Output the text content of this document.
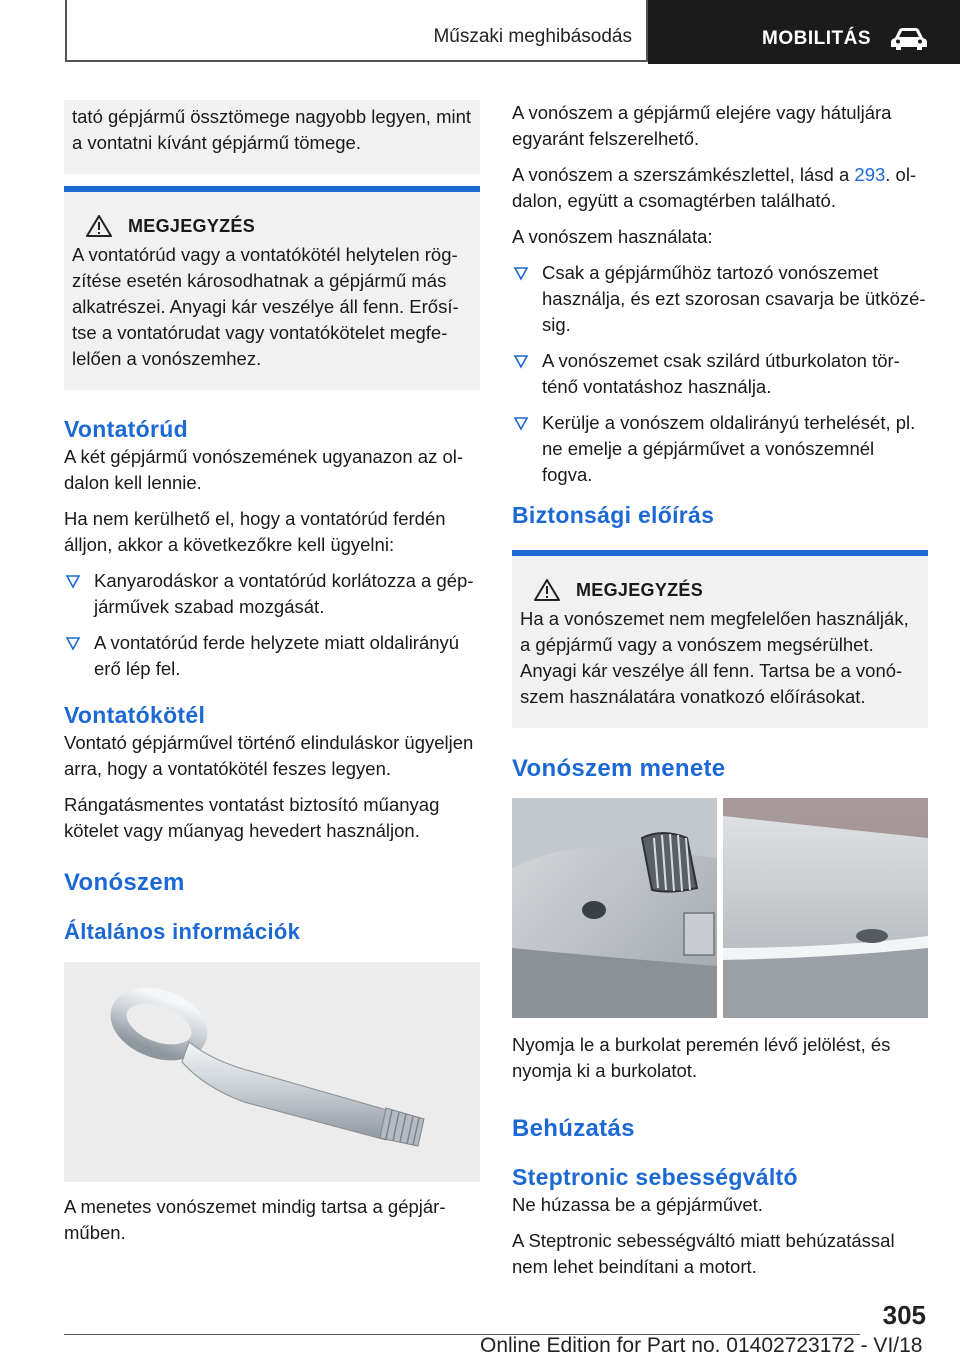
Műszaki meghibásodás	MOBILITÁS

tató gépjármű össztömege nagyobb legyen, mint a vontatni kívánt gépjármű tömege.

MEGJEGYZÉS

A vontatórúd vagy a vontatókötél helytelen rögzítése esetén károsodhatnak a gépjármű más alkatrészei. Anyagi kár veszélye áll fenn. Erősítse a vontatórudat vagy vontatókötelet megfelelően a vonószemhez.

Vontatórúd

A két gépjármű vonószemének ugyanazon az oldalon kell lennie.

Ha nem kerülhető el, hogy a vontatórúd ferdén álljon, akkor a következőkre kell ügyelni:

Kanyarodáskor a vontatórúd korlátozza a gépjárművek szabad mozgását.
A vontatórúd ferde helyzete miatt oldalirányú erő lép fel.
Vontatókötél

Vontató gépjárművel történő elinduláskor ügyeljen arra, hogy a vontatókötél feszes legyen.

Rángatásmentes vontatást biztosító műanyag kötelet vagy műanyag hevedert használjon.

Vonószem
Általános információk

A menetes vonószemet mindig tartsa a gépjárműben.

A vonószem a gépjármű elejére vagy hátuljára egyaránt felszerelhető.

A vonószem a szerszámkészlettel, lásd a 293. oldalon, együtt a csomagtérben található.

A vonószem használata:

Csak a gépjárműhöz tartozó vonószemet használja, és ezt szorosan csavarja be ütközésig.
A vonószemet csak szilárd útburkolaton történő vontatáshoz használja.
Kerülje a vonószem oldalirányú terhelését, pl. ne emelje a gépjárművet a vonószemnél fogva.
Biztonsági előírás
MEGJEGYZÉS

Ha a vonószemet nem megfelelően használják, a gépjármű vagy a vonószem megsérülhet. Anyagi kár veszélye áll fenn. Tartsa be a vonószem használatára vonatkozó előírásokat.

Vonószem menete

Nyomja le a burkolat peremén lévő jelölést, és nyomja ki a burkolatot.

Behúzatás
Steptronic sebességváltó

Ne húzassa be a gépjárművet.

A Steptronic sebességváltó miatt behúzatással nem lehet beindítani a motort.

305
Online Edition for Part no. 01402723172 - VI/18
